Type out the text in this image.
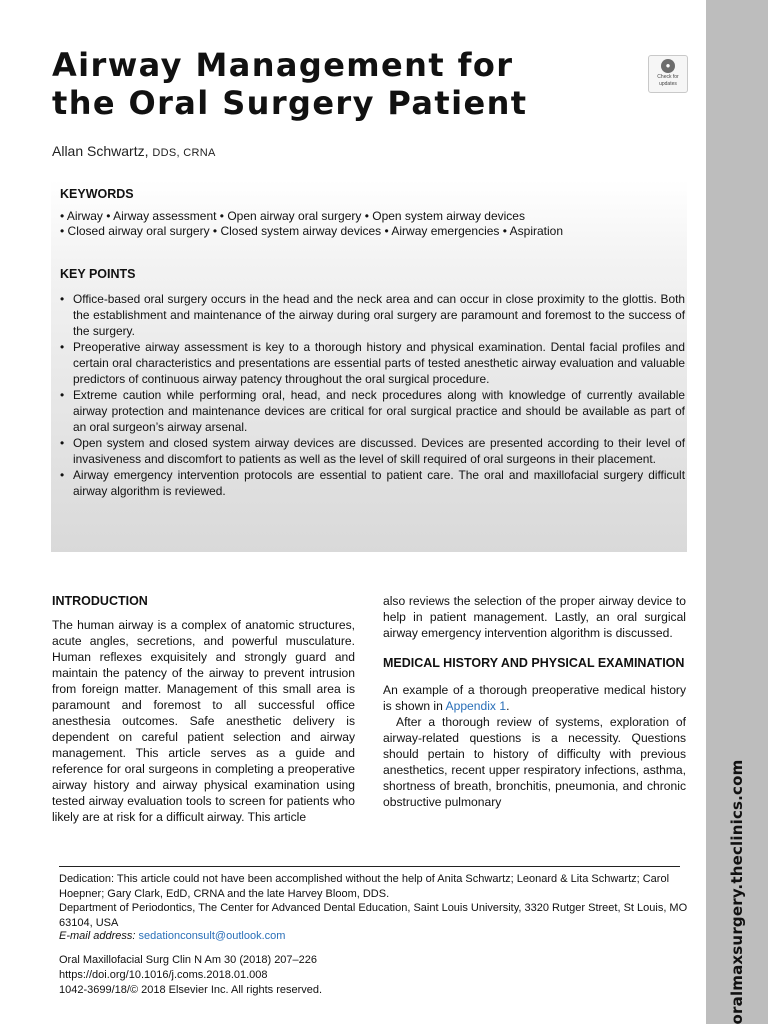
oralmaxsurgery.theclinics.com
Airway Management for
the Oral Surgery Patient
●
Check for
updates
Allan Schwartz, DDS, CRNA
KEYWORDS
• Airway • Airway assessment • Open airway oral surgery • Open system airway devices
• Closed airway oral surgery • Closed system airway devices • Airway emergencies • Aspiration
KEY POINTS
• Office-based oral surgery occurs in the head and the neck area and can occur in close proximity to the glottis. Both the establishment and maintenance of the airway during oral surgery are paramount and foremost to the success of the surgery.
• Preoperative airway assessment is key to a thorough history and physical examination. Dental facial profiles and certain oral characteristics and presentations are essential parts of tested anesthetic airway evaluation and valuable predictors of continuous airway patency throughout the oral surgical procedure.
• Extreme caution while performing oral, head, and neck procedures along with knowledge of currently available airway protection and maintenance devices are critical for oral surgical practice and should be available as part of an oral surgeon’s airway arsenal.
• Open system and closed system airway devices are discussed. Devices are presented according to their level of invasiveness and discomfort to patients as well as the level of skill required of oral surgeons in their placement.
• Airway emergency intervention protocols are essential to patient care. The oral and maxillofacial surgery difficult airway algorithm is reviewed.
INTRODUCTION

The human airway is a complex of anatomic structures, acute angles, secretions, and powerful musculature. Human reflexes exquisitely and strongly guard and maintain the patency of the airway to prevent intrusion from foreign matter. Management of this small area is paramount and foremost to all successful office anesthesia outcomes. Safe anesthetic delivery is dependent on careful patient selection and airway management. This article serves as a guide and reference for oral surgeons in completing a preoperative airway history and airway physical examination using tested airway evaluation tools to screen for patients who likely are at risk for a difficult airway. This article

also reviews the selection of the proper airway device to help in patient management. Lastly, an oral surgical airway emergency intervention algorithm is discussed.

MEDICAL HISTORY AND PHYSICAL EXAMINATION

An example of a thorough preoperative medical history is shown in Appendix 1.

After a thorough review of systems, exploration of airway-related questions is a necessity. Questions should pertain to history of difficulty with previous anesthetics, recent upper respiratory infections, asthma, shortness of breath, bronchitis, pneumonia, and chronic obstructive pulmonary

Dedication: This article could not have been accomplished without the help of Anita Schwartz; Leonard & Lita Schwartz; Carol Hoepner; Gary Clark, EdD, CRNA and the late Harvey Bloom, DDS.

Department of Periodontics, The Center for Advanced Dental Education, Saint Louis University, 3320 Rutger Street, St Louis, MO 63104, USA

E-mail address: sedationconsult@outlook.com

Oral Maxillofacial Surg Clin N Am 30 (2018) 207–226

https://doi.org/10.1016/j.coms.2018.01.008

1042-3699/18/© 2018 Elsevier Inc. All rights reserved.
